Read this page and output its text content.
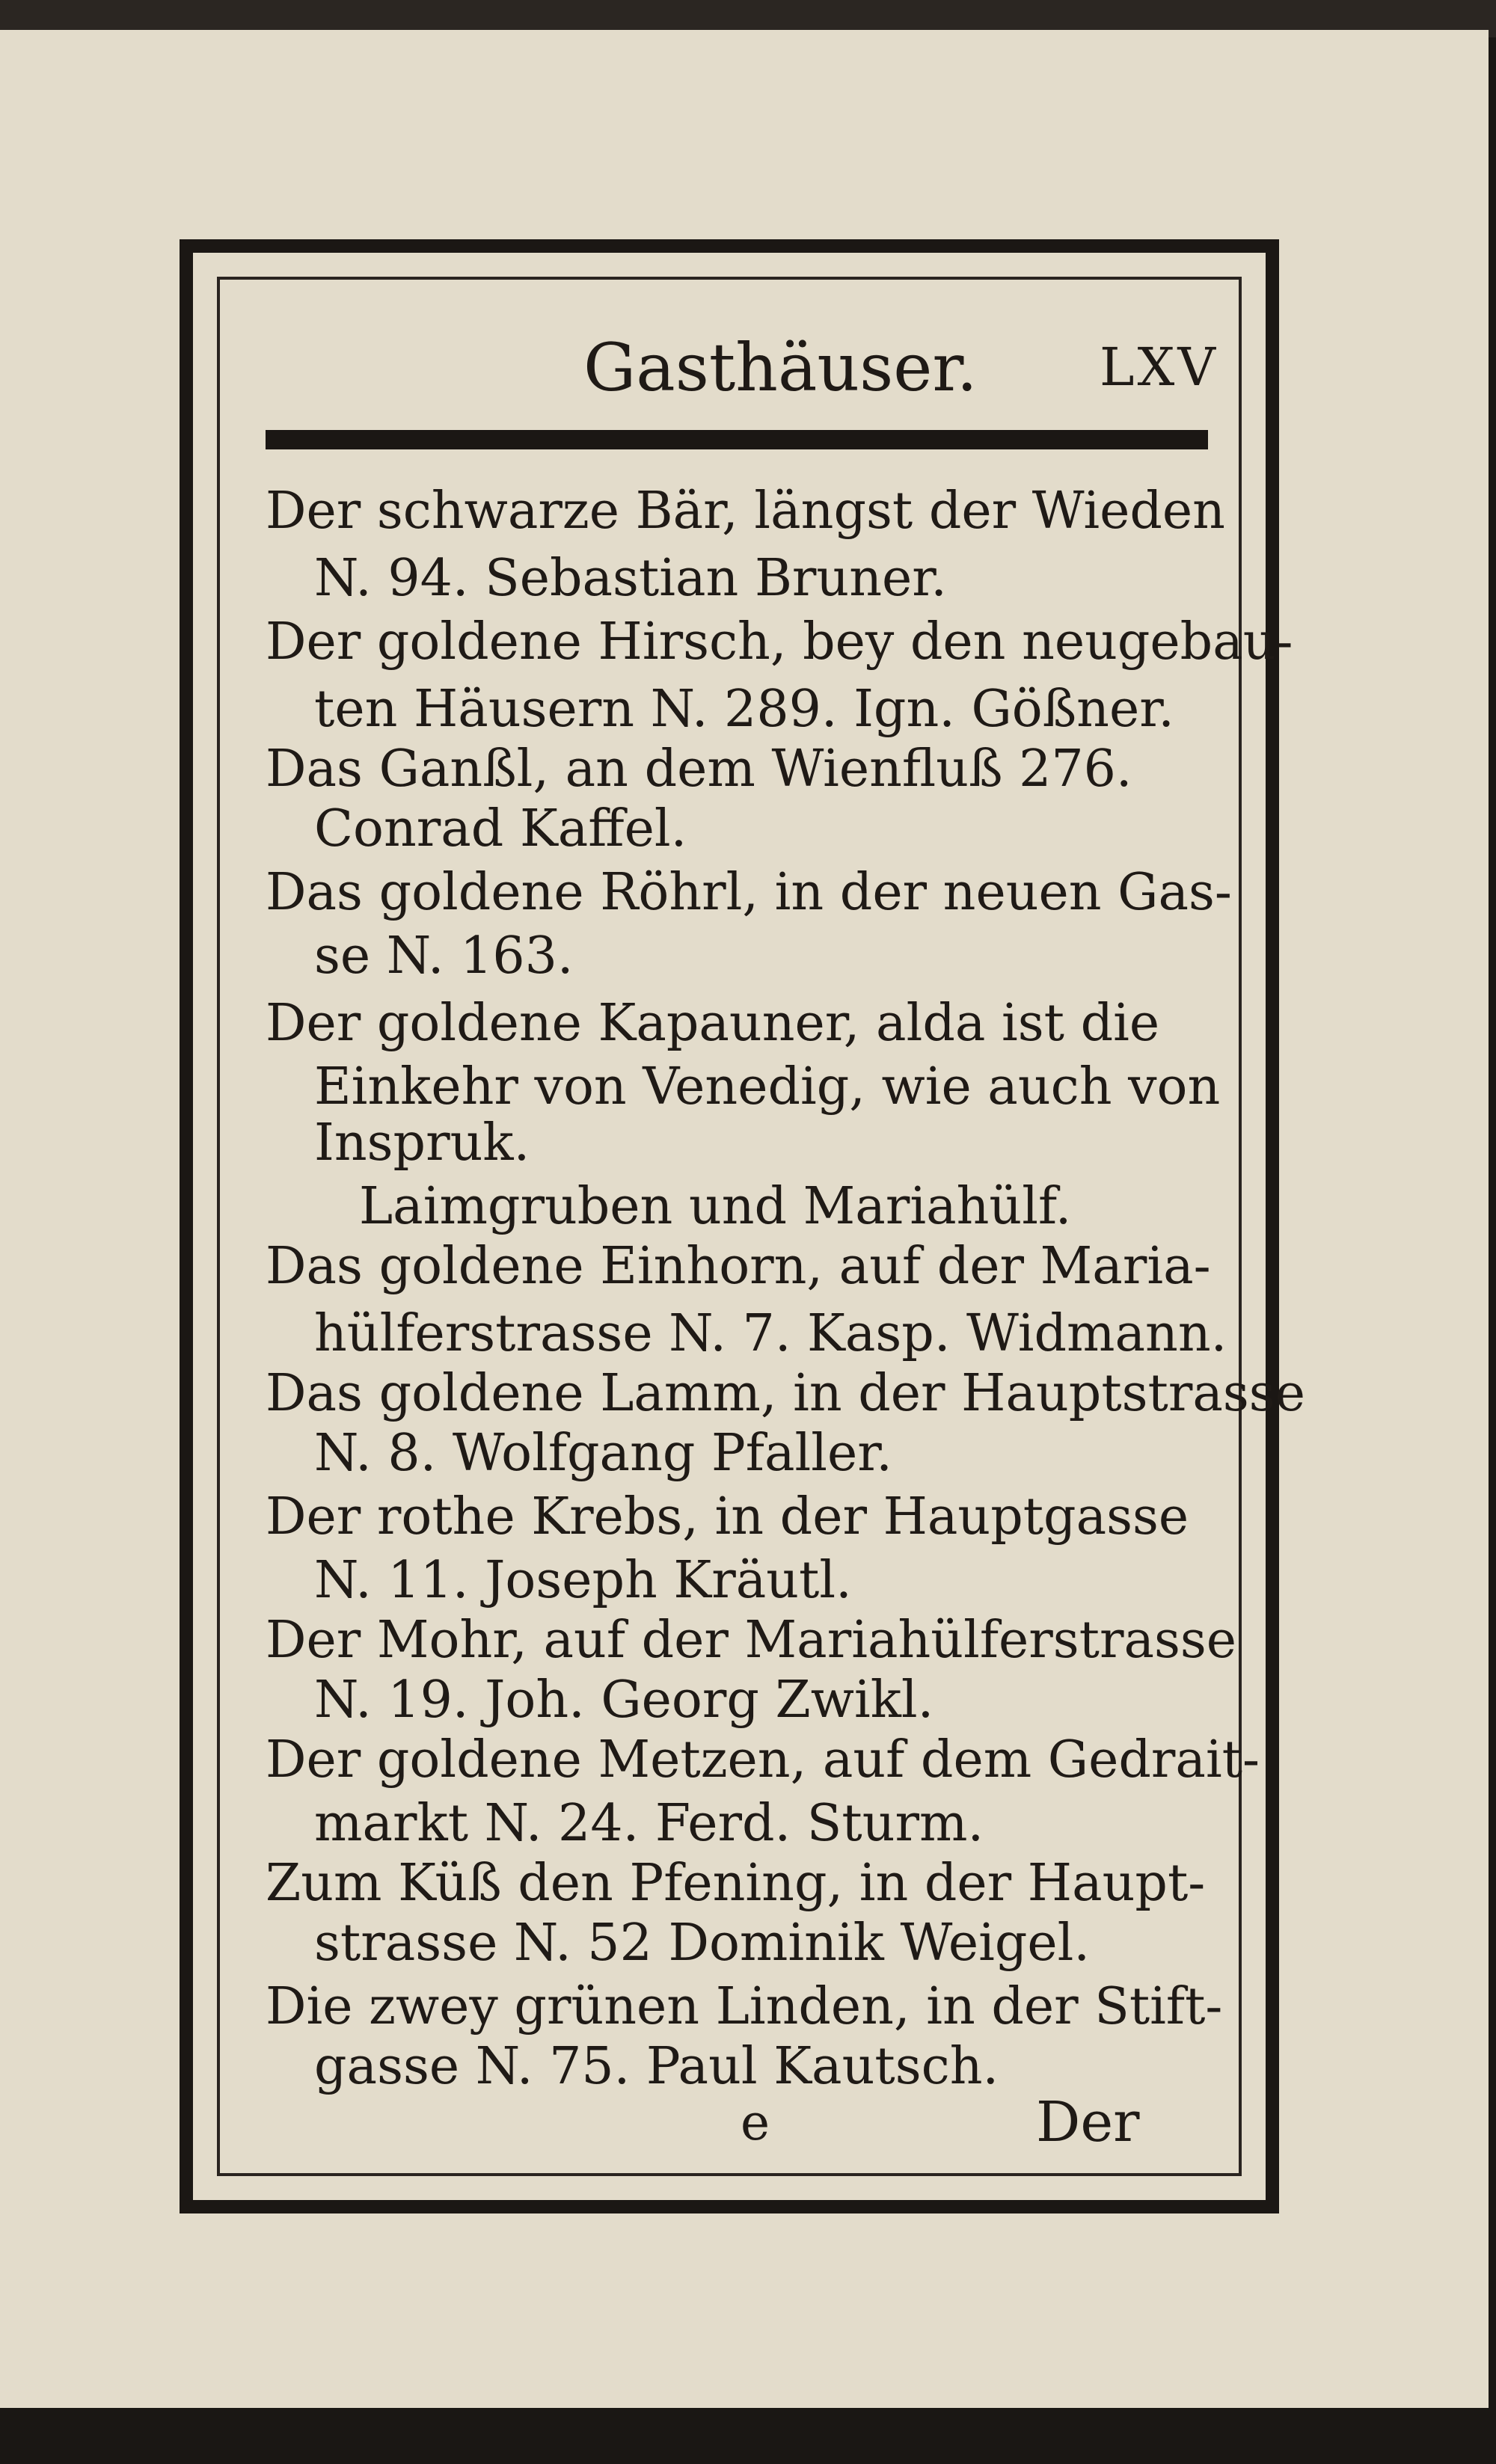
Gasthäuser. LXV
Der schwarze Bär, längst der Wieden
N. 94. Sebastian Bruner.
Der goldene Hirsch, bey den neugebau-
ten Häusern N. 289. Ign. Gößner.
Das Ganßl, an dem Wienfluß 276.
Conrad Kaffel.
Das goldene Röhrl, in der neuen Gas-
se N. 163.
Der goldene Kapauner, alda ist die
Einkehr von Venedig, wie auch von
Inspruk.
Laimgruben und Mariahülf.
Das goldene Einhorn, auf der Maria-
hülferstrasse N. 7. Kasp. Widmann.
Das goldene Lamm, in der Hauptstrasse
N. 8. Wolfgang Pfaller.
Der rothe Krebs, in der Hauptgasse
N. 11. Joseph Kräutl.
Der Mohr, auf der Mariahülferstrasse
N. 19. Joh. Georg Zwikl.
Der goldene Metzen, auf dem Gedrait-
markt N. 24. Ferd. Sturm.
Zum Küß den Pfening, in der Haupt-
strasse N. 52 Dominik Weigel.
Die zwey grünen Linden, in der Stift-
gasse N. 75. Paul Kautsch.
e	Der
